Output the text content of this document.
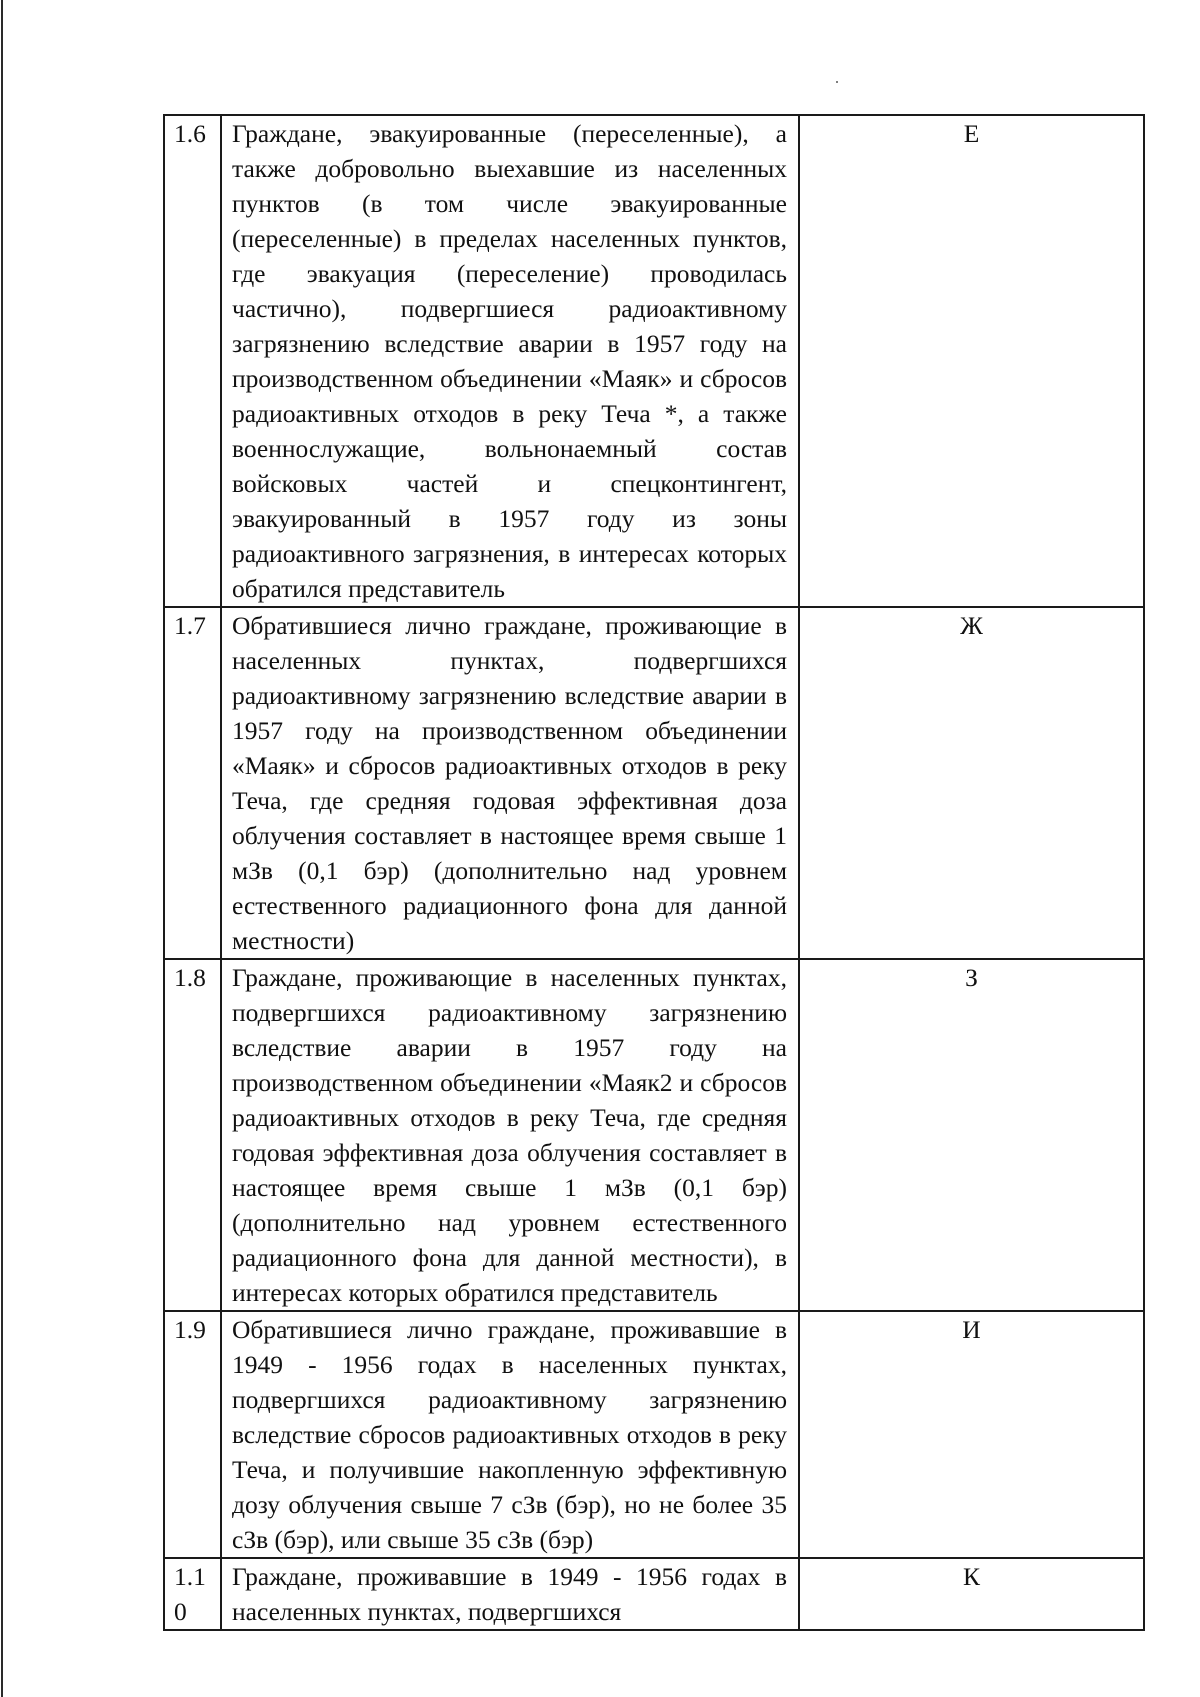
1.6	Граждане, эвакуированные (переселенные), а также добровольно выехавшие из населенных пунктов (в том числе эвакуированные (переселенные) в пределах населенных пунктов, где эвакуация (переселение) проводилась частично), подвергшиеся радиоактивному загрязнению вследствие аварии в 1957 году на производственном объединении «Маяк» и сбросов радиоактивных отходов в реку Теча *, а также военнослужащие, вольнонаемный состав войсковых частей и спецконтингент, эвакуированный в 1957 году из зоны радиоактивного загрязнения, в интересах которых обратился представитель	Е
1.7	Обратившиеся лично граждане, проживающие в населенных пунктах, подвергшихся радиоактивному загрязнению вследствие аварии в 1957 году на производственном объединении «Маяк» и сбросов радиоактивных отходов в реку Теча, где средняя годовая эффективная доза облучения составляет в настоящее время свыше 1 мЗв (0,1 бэр) (дополнительно над уровнем естественного радиационного фона для данной местности)	Ж
1.8	Граждане, проживающие в населенных пунктах, подвергшихся радиоактивному загрязнению вследствие аварии в 1957 году на производственном объединении «Маяк2 и сбросов радиоактивных отходов в реку Теча, где средняя годовая эффективная доза облучения составляет в настоящее время свыше 1 мЗв (0,1 бэр) (дополнительно над уровнем естественного радиационного фона для данной местности), в интересах которых обратился представитель	З
1.9	Обратившиеся лично граждане, проживавшие в 1949 - 1956 годах в населенных пунктах, подвергшихся радиоактивному загрязнению вследствие сбросов радиоактивных отходов в реку Теча, и получившие накопленную эффективную дозу облучения свыше 7 сЗв (бэр), но не более 35 сЗв (бэр), или свыше 35 сЗв (бэр)	И
1.10	Граждане, проживавшие в 1949 - 1956 годах в населенных пунктах, подвергшихся	К
